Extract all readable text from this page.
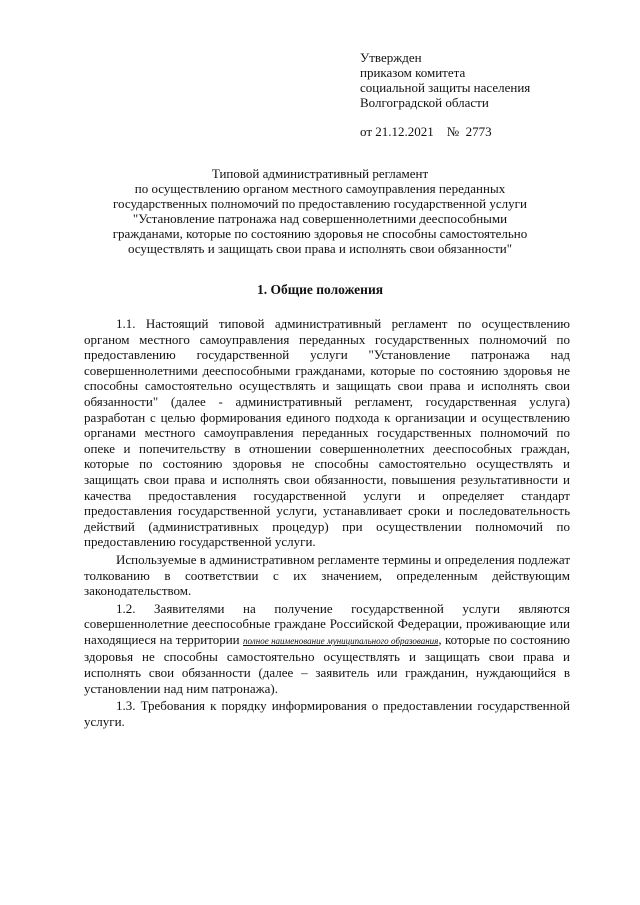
Утвержден
приказом комитета
социальной защиты населения
Волгоградской области
от 21.12.2021    №  2773
Типовой административный регламент
по осуществлению органом местного самоуправления переданных
государственных полномочий по предоставлению государственной услуги
"Установление патронажа над совершеннолетними дееспособными
гражданами, которые по состоянию здоровья не способны самостоятельно
осуществлять и защищать свои права и исполнять свои обязанности"
1. Общие положения

1.1. Настоящий типовой административный регламент по осуществлению органом местного самоуправления переданных государственных полномочий по предоставлению государственной услуги "Установление патронажа над совершеннолетними дееспособными гражданами, которые по состоянию здоровья не способны самостоятельно осуществлять и защищать свои права и исполнять свои обязанности" (далее - административный регламент, государственная услуга) разработан с целью формирования единого подхода к организации и осуществлению органами местного самоуправления переданных государственных полномочий по опеке и попечительству в отношении совершеннолетних дееспособных граждан, которые по состоянию здоровья не способны самостоятельно осуществлять и защищать свои права и исполнять свои обязанности, повышения результативности и качества предоставления государственной услуги и определяет стандарт предоставления государственной услуги, устанавливает сроки и последовательность действий (административных процедур) при осуществлении полномочий по предоставлению государственной услуги.

Используемые в административном регламенте термины и определения подлежат толкованию в соответствии с их значением, определенным действующим законодательством.

1.2. Заявителями на получение государственной услуги являются совершеннолетние дееспособные граждане Российской Федерации, проживающие или находящиеся на территории полное наименование муниципального образования, которые по состоянию здоровья не способны самостоятельно осуществлять и защищать свои права и исполнять свои обязанности (далее – заявитель или гражданин, нуждающийся в установлении над ним патронажа).

1.3. Требования к порядку информирования о предоставлении государственной услуги.
